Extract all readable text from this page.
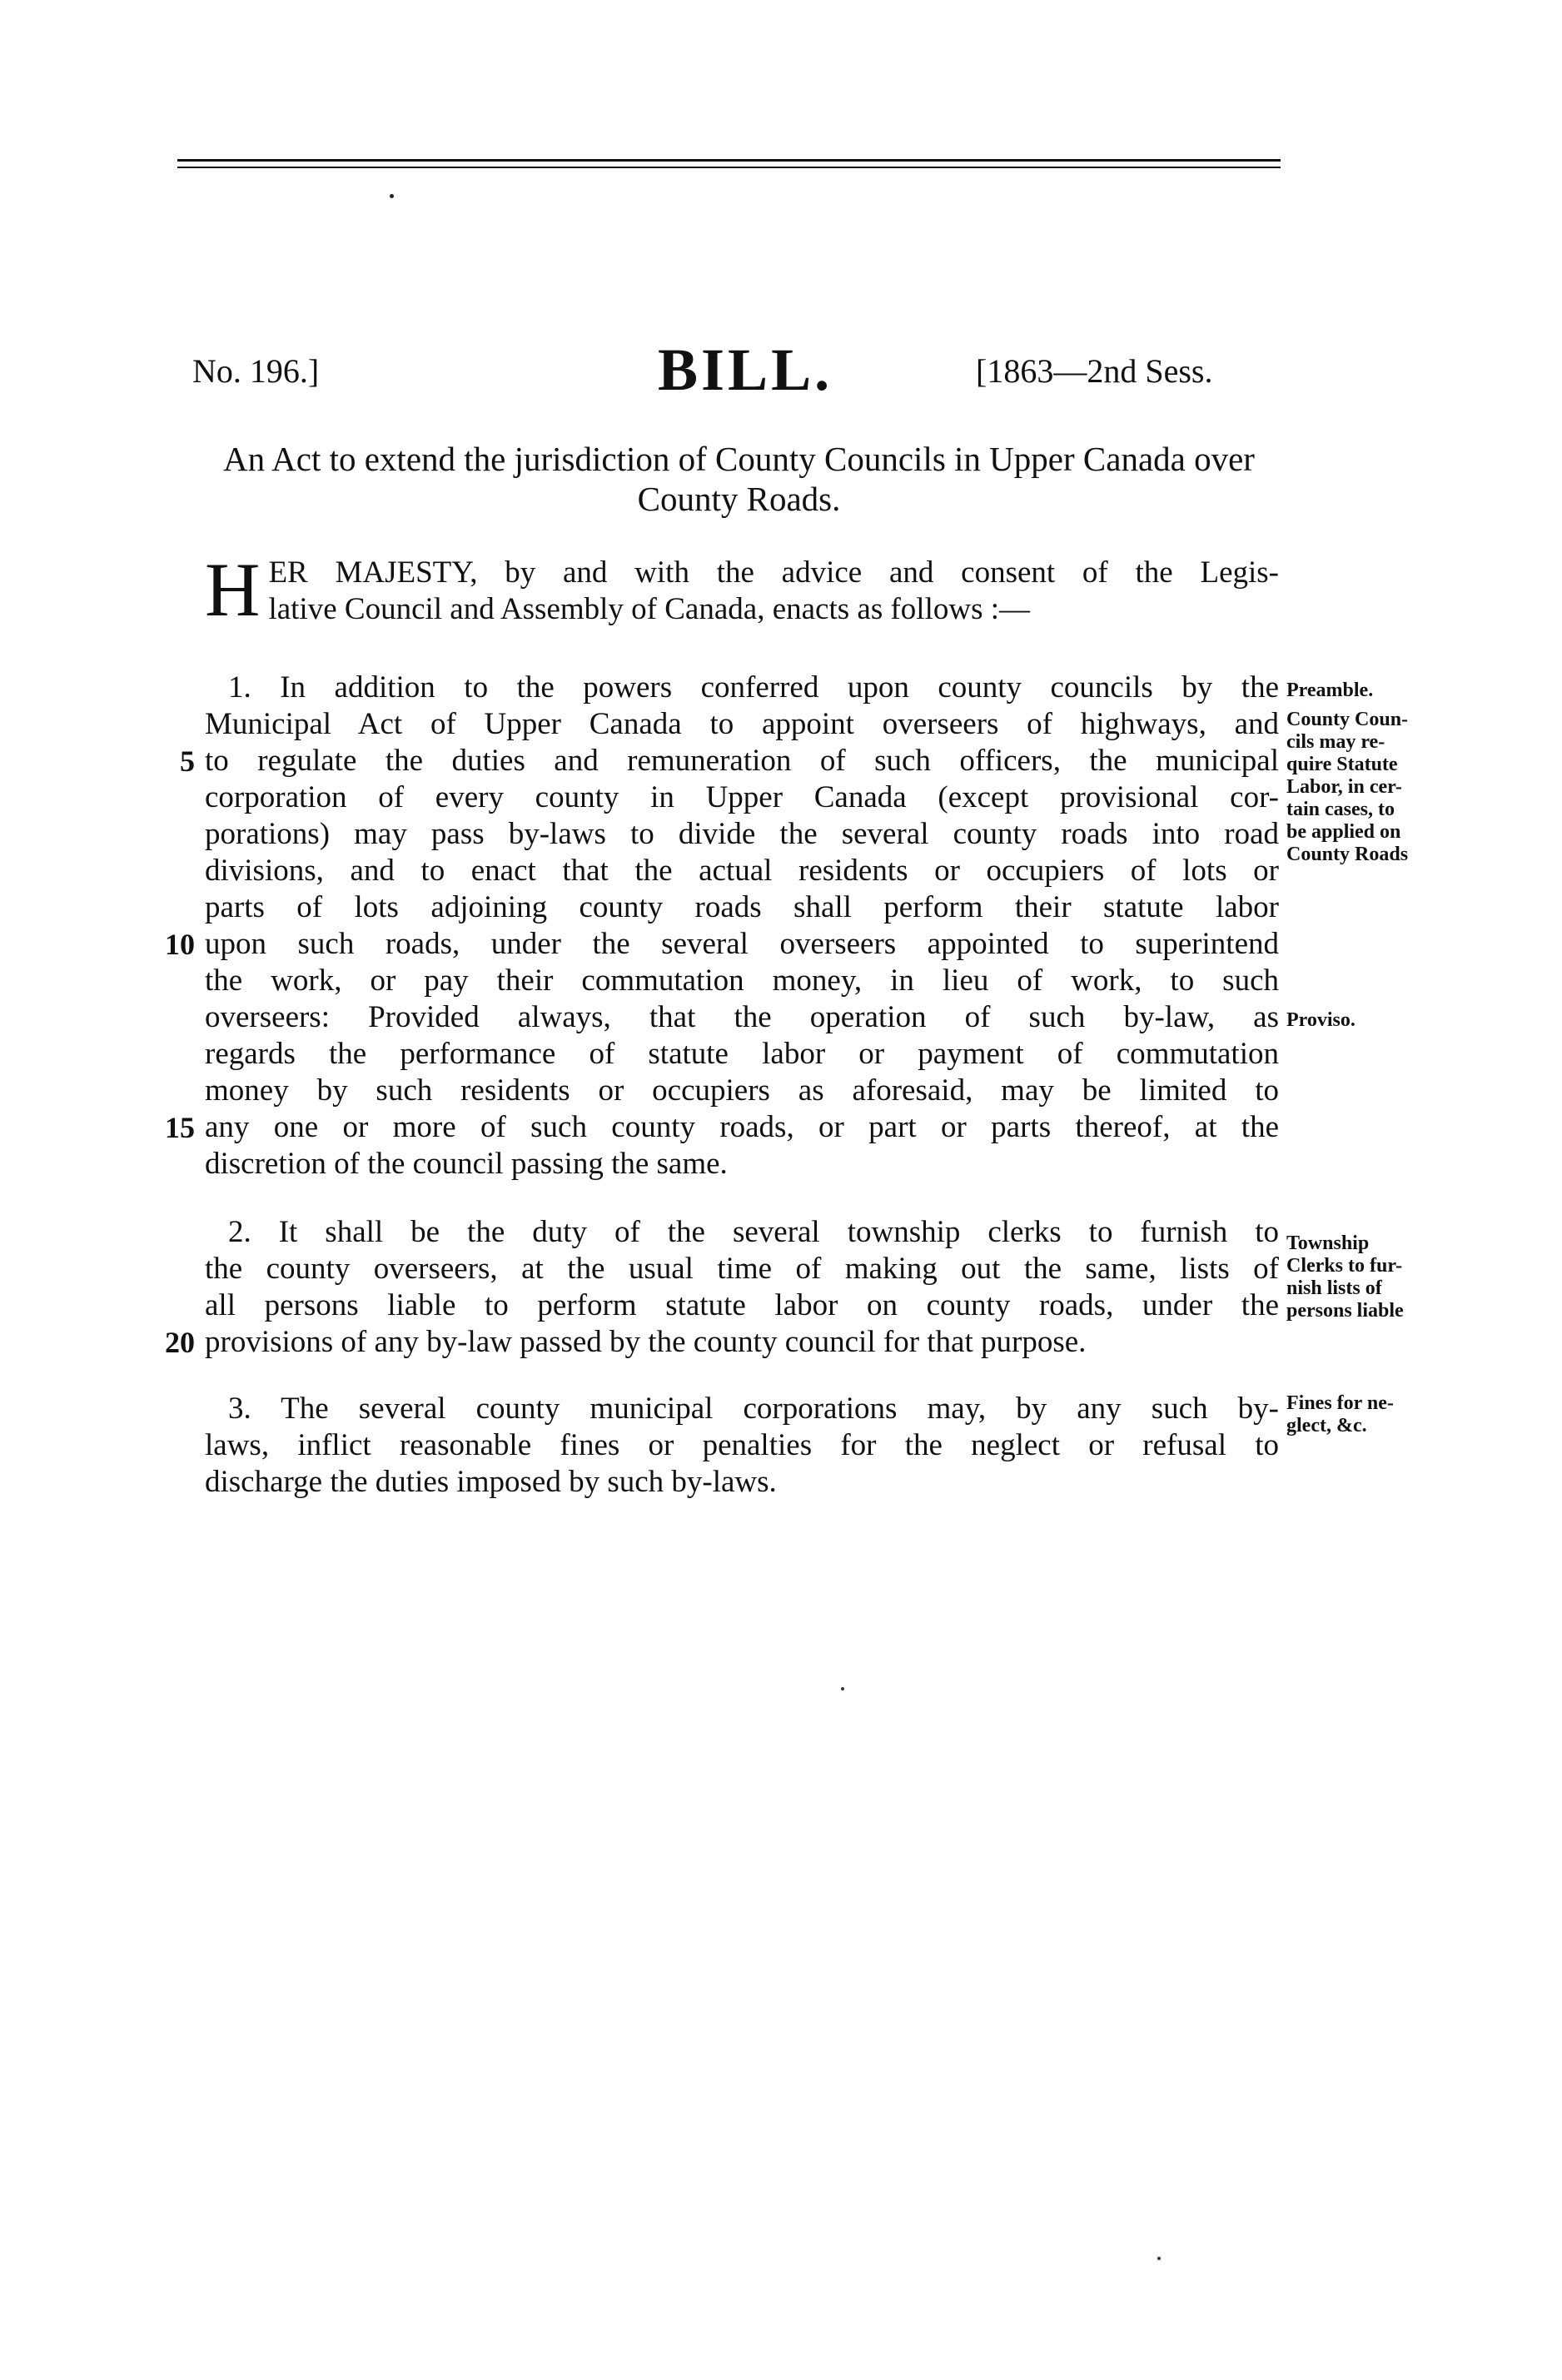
No. 196.]	BILL.	[1863—2nd Sess.
An Act to extend the jurisdiction of County Councils in Upper Canada over County Roads.
H ER MAJESTY, by and with the advice and consent of the Legis-
lative Council and Assembly of Canada, enacts as follows :—
1. In addition to the powers conferred upon county councils by the
Municipal Act of Upper Canada to appoint overseers of highways, and
to regulate the duties and remuneration of such officers, the municipal
corporation of every county in Upper Canada (except provisional cor-
porations) may pass by-laws to divide the several county roads into road
divisions, and to enact that the actual residents or occupiers of lots or
parts of lots adjoining county roads shall perform their statute labor
upon such roads, under the several overseers appointed to superintend
the work, or pay their commutation money, in lieu of work, to such
overseers: Provided always, that the operation of such by-law, as
regards the performance of statute labor or payment of commutation
money by such residents or occupiers as aforesaid, may be limited to
any one or more of such county roads, or part or parts thereof, at the
discretion of the council passing the same.
2. It shall be the duty of the several township clerks to furnish to
the county overseers, at the usual time of making out the same, lists of
all persons liable to perform statute labor on county roads, under the
provisions of any by-law passed by the county council for that purpose.
3. The several county municipal corporations may, by any such by-
laws, inflict reasonable fines or penalties for the neglect or refusal to
discharge the duties imposed by such by-laws.
5
10
15
20
Preamble.
County Coun-
cils may re-
quire Statute
Labor, in cer-
tain cases, to
be applied on
County Roads
Proviso.
Township
Clerks to fur-
nish lists of
persons liable
Fines for ne-
glect, &c.
